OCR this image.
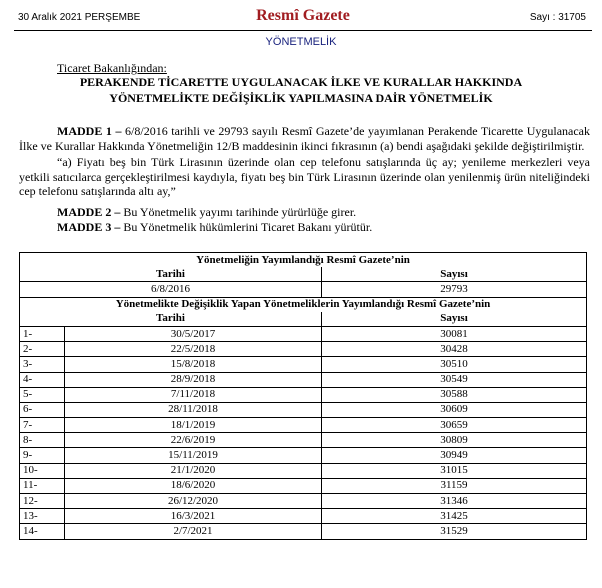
30 Aralık 2021 PERŞEMBE	Resmî Gazete	Sayı : 31705
YÖNETMELİK
Ticaret Bakanlığından:
PERAKENDE TİCARETTE UYGULANACAK İLKE VE KURALLAR HAKKINDA
YÖNETMELİKTE DEĞİŞİKLİK YAPILMASINA DAİR YÖNETMELİK
MADDE 1 – 6/8/2016 tarihli ve 29793 sayılı Resmî Gazete’de yayımlanan Perakende Ticarette Uygulanacak İlke ve Kurallar Hakkında Yönetmeliğin 12/B maddesinin ikinci fıkrasının (a) bendi aşağıdaki şekilde değiştirilmiştir.
“a) Fiyatı beş bin Türk Lirasının üzerinde olan cep telefonu satışlarında üç ay; yenileme merkezleri veya yetkili satıcılarca gerçekleştirilmesi kaydıyla, fiyatı beş bin Türk Lirasının üzerinde olan yenilenmiş ürün niteliğindeki cep telefonu satışlarında altı ay,”
MADDE 2 – Bu Yönetmelik yayımı tarihinde yürürlüğe girer.
MADDE 3 – Bu Yönetmelik hükümlerini Ticaret Bakanı yürütür.
Yönetmeliğin Yayımlandığı Resmî Gazete’nin		
Tarihi		Sayısı
6/8/2016		29793
Yönetmelikte Değişiklik Yapan Yönetmeliklerin Yayımlandığı Resmî Gazete’nin		
Tarihi		Sayısı
1-	30/5/2017	30081
2-	22/5/2018	30428
3-	15/8/2018	30510
4-	28/9/2018	30549
5-	7/11/2018	30588
6-	28/11/2018	30609
7-	18/1/2019	30659
8-	22/6/2019	30809
9-	15/11/2019	30949
10-	21/1/2020	31015
11-	18/6/2020	31159
12-	26/12/2020	31346
13-	16/3/2021	31425
14-	2/7/2021	31529
